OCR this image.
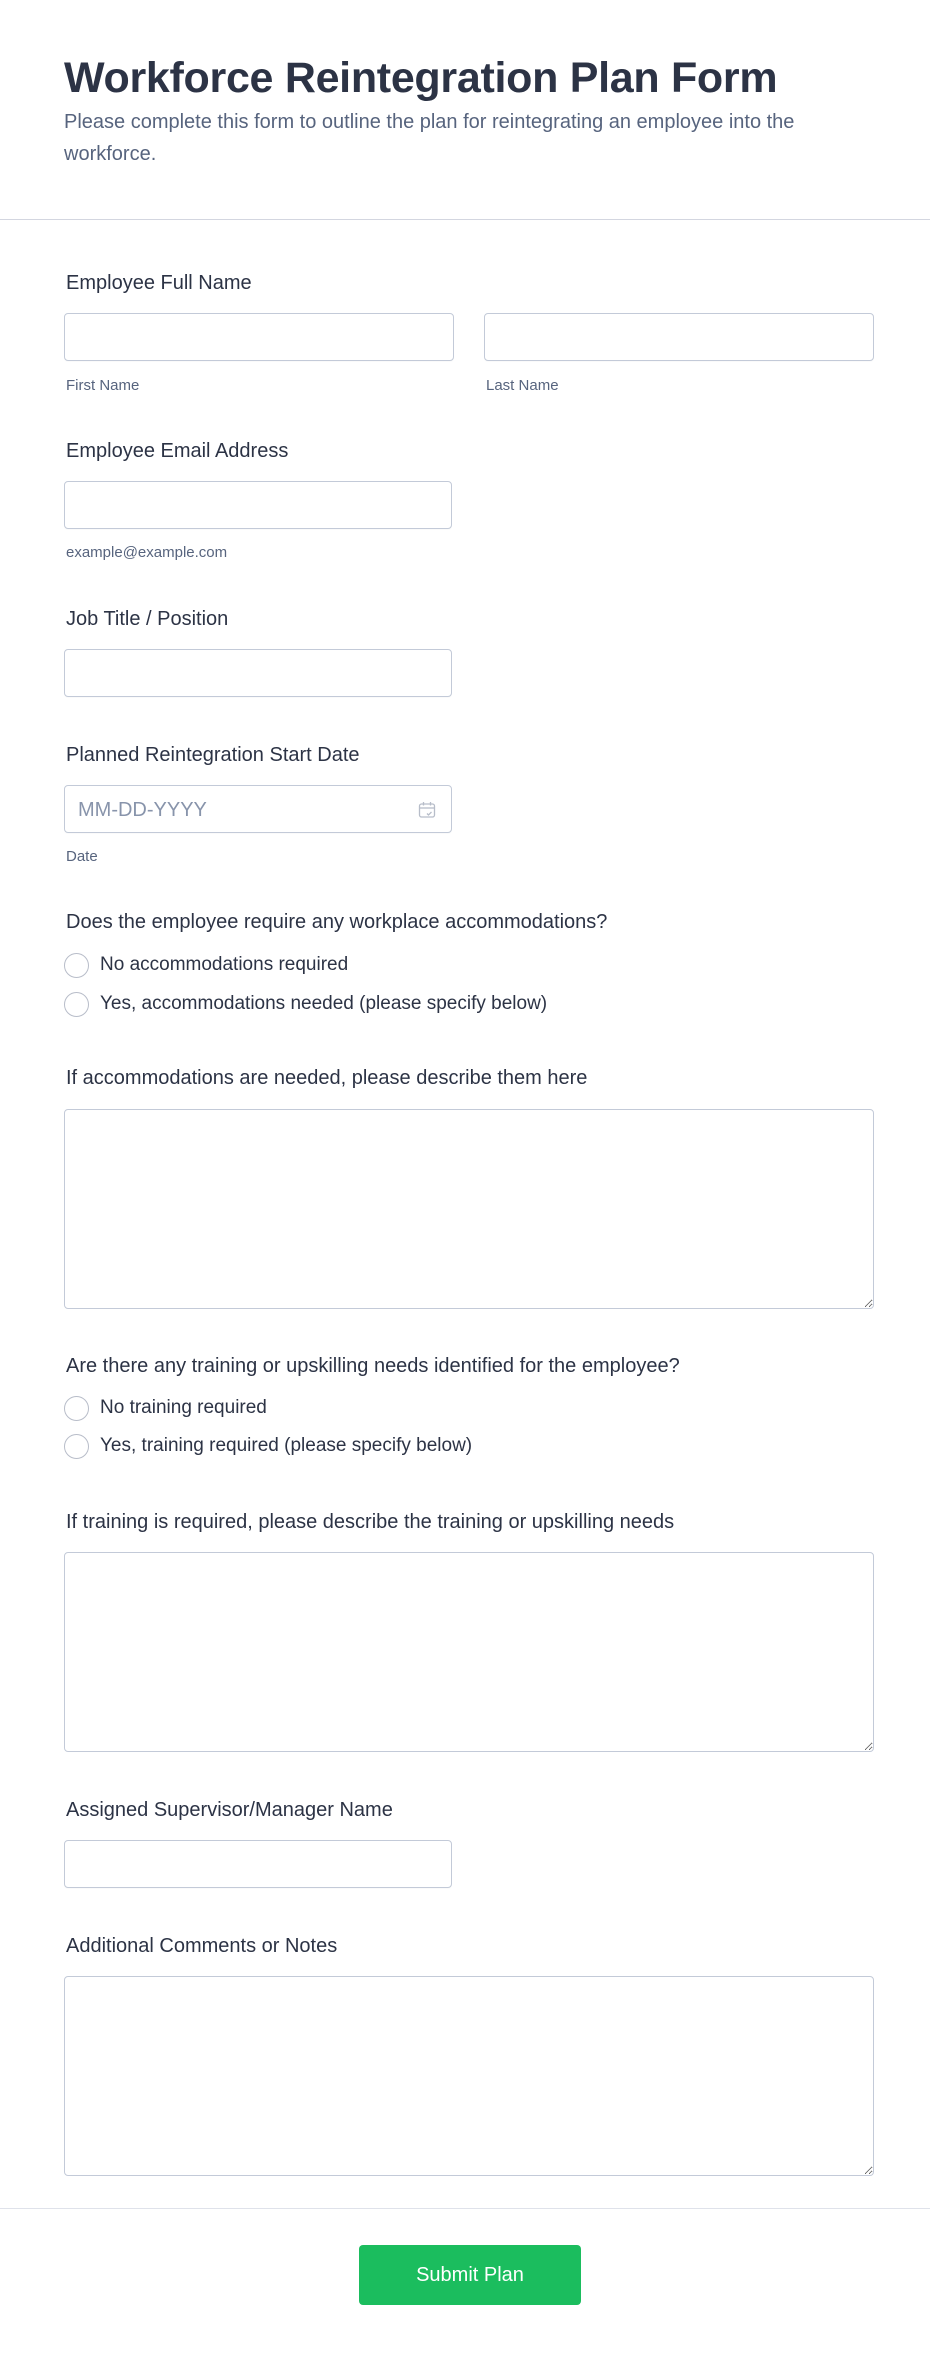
Workforce Reintegration Plan Form

Please complete this form to outline the plan for reintegrating an employee into the workforce.

Employee Full Name
First Name	Last Name
Employee Email Address
example@example.com
Job Title / Position
Planned Reintegration Start Date
MM-DD-YYYY
Date
Does the employee require any workplace accommodations?
No accommodations required
Yes, accommodations needed (please specify below)
If accommodations are needed, please describe them here
Are there any training or upskilling needs identified for the employee?
No training required
Yes, training required (please specify below)
If training is required, please describe the training or upskilling needs
Assigned Supervisor/Manager Name
Additional Comments or Notes
Submit Plan
